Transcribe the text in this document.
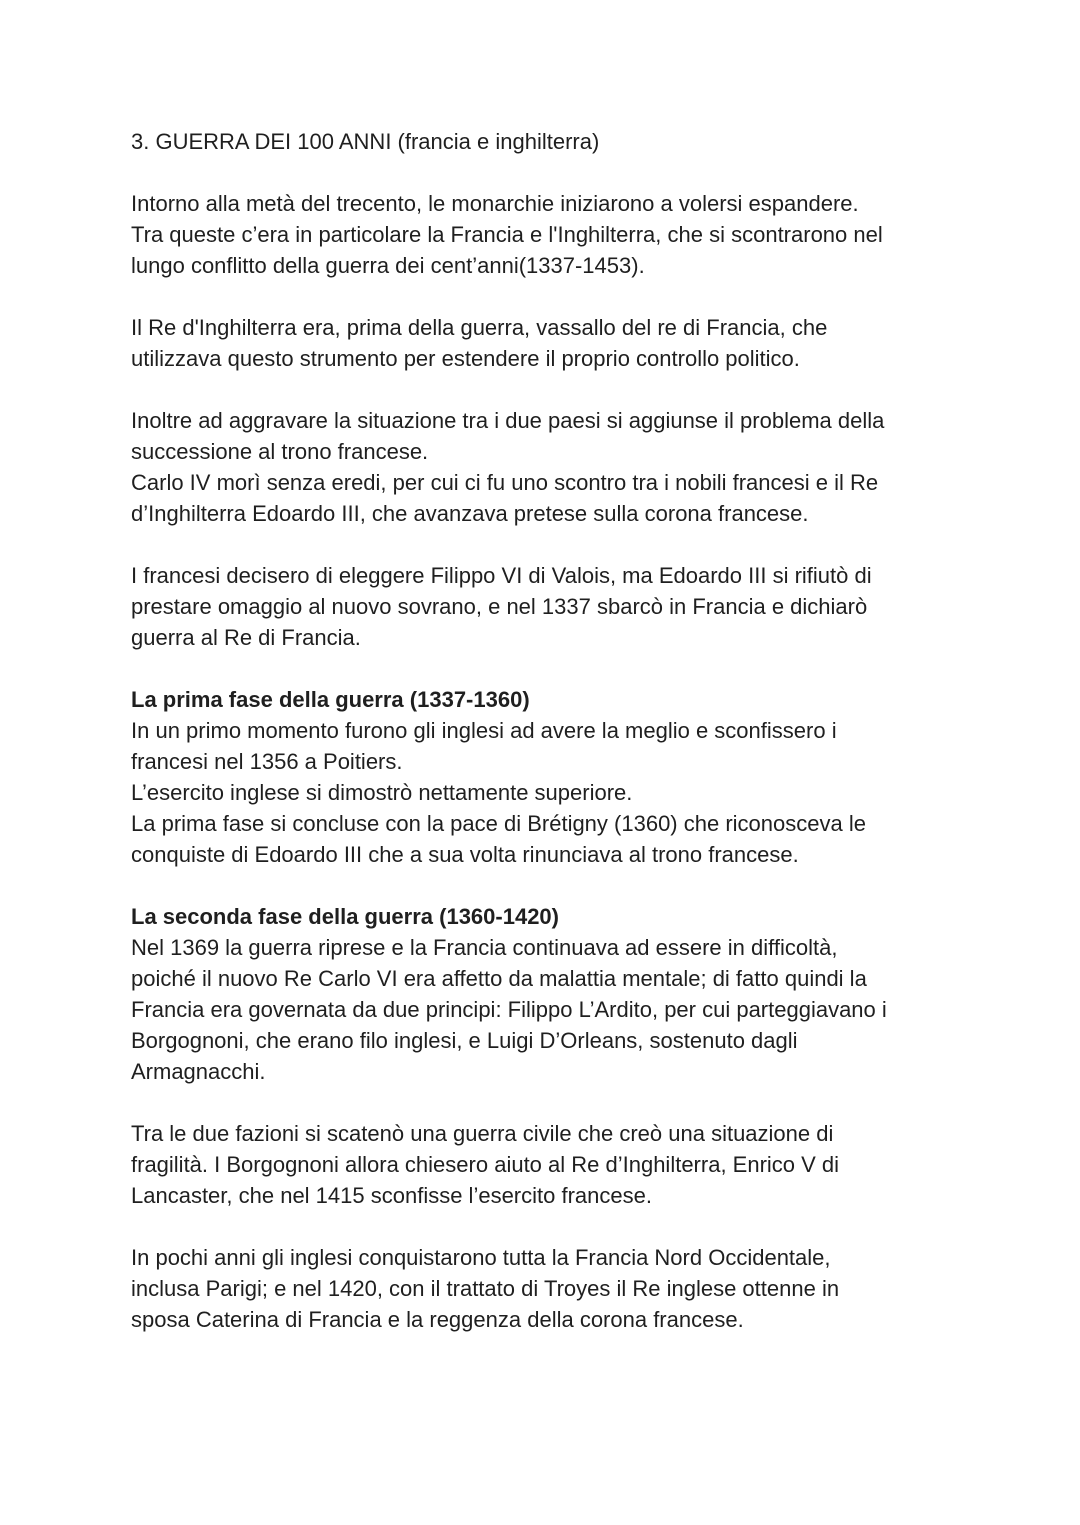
3. GUERRA DEI 100 ANNI (francia e inghilterra)
Intorno alla metà del trecento, le monarchie iniziarono a volersi espandere.
Tra queste c’era in particolare la Francia e l'Inghilterra, che si scontrarono nel
lungo conflitto della guerra dei cent’anni(1337-1453).
Il Re d'Inghilterra era, prima della guerra, vassallo del re di Francia, che
utilizzava questo strumento per estendere il proprio controllo politico.
Inoltre ad aggravare la situazione tra i due paesi si aggiunse il problema della
successione al trono francese.
Carlo IV morì senza eredi, per cui ci fu uno scontro tra i nobili francesi e il Re
d’Inghilterra Edoardo III, che avanzava pretese sulla corona francese.
I francesi decisero di eleggere Filippo VI di Valois, ma Edoardo III si rifiutò di
prestare omaggio al nuovo sovrano, e nel 1337 sbarcò in Francia e dichiarò
guerra al Re di Francia.
La prima fase della guerra (1337-1360)
In un primo momento furono gli inglesi ad avere la meglio e sconfissero i
francesi nel 1356 a Poitiers.
L’esercito inglese si dimostrò nettamente superiore.
La prima fase si concluse con la pace di Brétigny (1360) che riconosceva le
conquiste di Edoardo III che a sua volta rinunciava al trono francese.
La seconda fase della guerra (1360-1420)
Nel 1369 la guerra riprese e la Francia continuava ad essere in difficoltà,
poiché il nuovo Re Carlo VI era affetto da malattia mentale; di fatto quindi la
Francia era governata da due principi: Filippo L’Ardito, per cui parteggiavano i
Borgognoni, che erano filo inglesi, e Luigi D’Orleans, sostenuto dagli
Armagnacchi.
Tra le due fazioni si scatenò una guerra civile che creò una situazione di
fragilità. I Borgognoni allora chiesero aiuto al Re d’Inghilterra, Enrico V di
Lancaster, che nel 1415 sconfisse l’esercito francese.
In pochi anni gli inglesi conquistarono tutta la Francia Nord Occidentale,
inclusa Parigi; e nel 1420, con il trattato di Troyes il Re inglese ottenne in
sposa Caterina di Francia e la reggenza della corona francese.
